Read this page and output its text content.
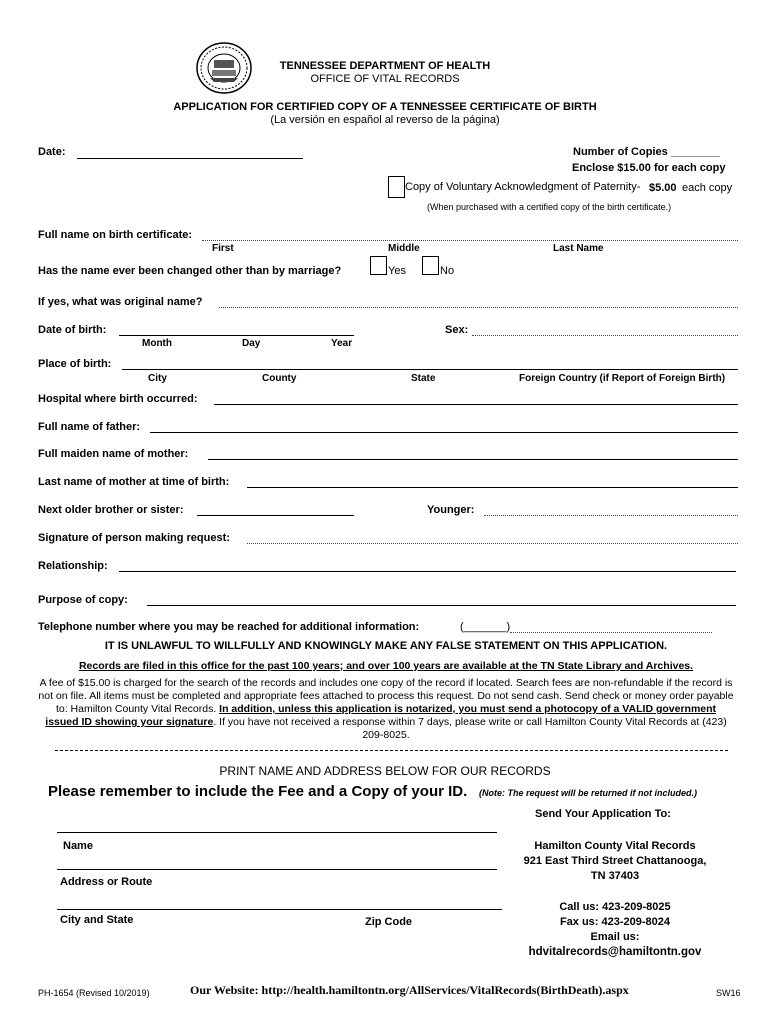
TENNESSEE DEPARTMENT OF HEALTH
OFFICE OF VITAL RECORDS
APPLICATION FOR CERTIFIED COPY OF A TENNESSEE CERTIFICATE OF BIRTH
(La versión en español al reverso de la página)
Date:	Number of Copies ________
Enclose $15.00 for each copy
Copy of Voluntary Acknowledgment of Paternity- $5.00 each copy
(When purchased with a certified copy of the birth certificate.)
Full name on birth certificate:
First	Middle	Last Name
Has the name ever been changed other than by marriage?	Yes	No
If yes, what was original name?
Date of birth:
Month	Day	Year
Sex:
Place of birth:
City	County	State	Foreign Country (if Report of Foreign Birth)
Hospital where birth occurred:
Full name of father:
Full maiden name of mother:
Last name of mother at time of birth:
Next older brother or sister:	Younger:
Signature of person making request:
Relationship:
Purpose of copy:
Telephone number where you may be reached for additional information:	(_______)
IT IS UNLAWFUL TO WILLFULLY AND KNOWINGLY MAKE ANY FALSE STATEMENT ON THIS APPLICATION.
Records are filed in this office for the past 100 years; and over 100 years are available at the TN State Library and Archives.
A fee of $15.00 is charged for the search of the records and includes one copy of the record if located. Search fees are non-refundable if the record is not on file. All items must be completed and appropriate fees attached to process this request. Do not send cash. Send check or money order payable to: Hamilton County Vital Records. In addition, unless this application is notarized, you must send a photocopy of a VALID government issued ID showing your signature. If you have not received a response within 7 days, please write or call Hamilton County Vital Records at (423) 209-8025.
PRINT NAME AND ADDRESS BELOW FOR OUR RECORDS
Please remember to include the Fee and a Copy of your ID. (Note: The request will be returned if not included.)
Send Your Application To:
Name
Address or Route
City and State	Zip Code
Hamilton County Vital Records
921 East Third Street Chattanooga,
TN 37403
Call us: 423-209-8025
Fax us: 423-209-8024
Email us:
hdvitalrecords@hamiltontn.gov
PH-1654 (Revised 10/2019)	Our Website: http://health.hamiltontn.org/AllServices/VitalRecords(BirthDeath).aspx	SW16
